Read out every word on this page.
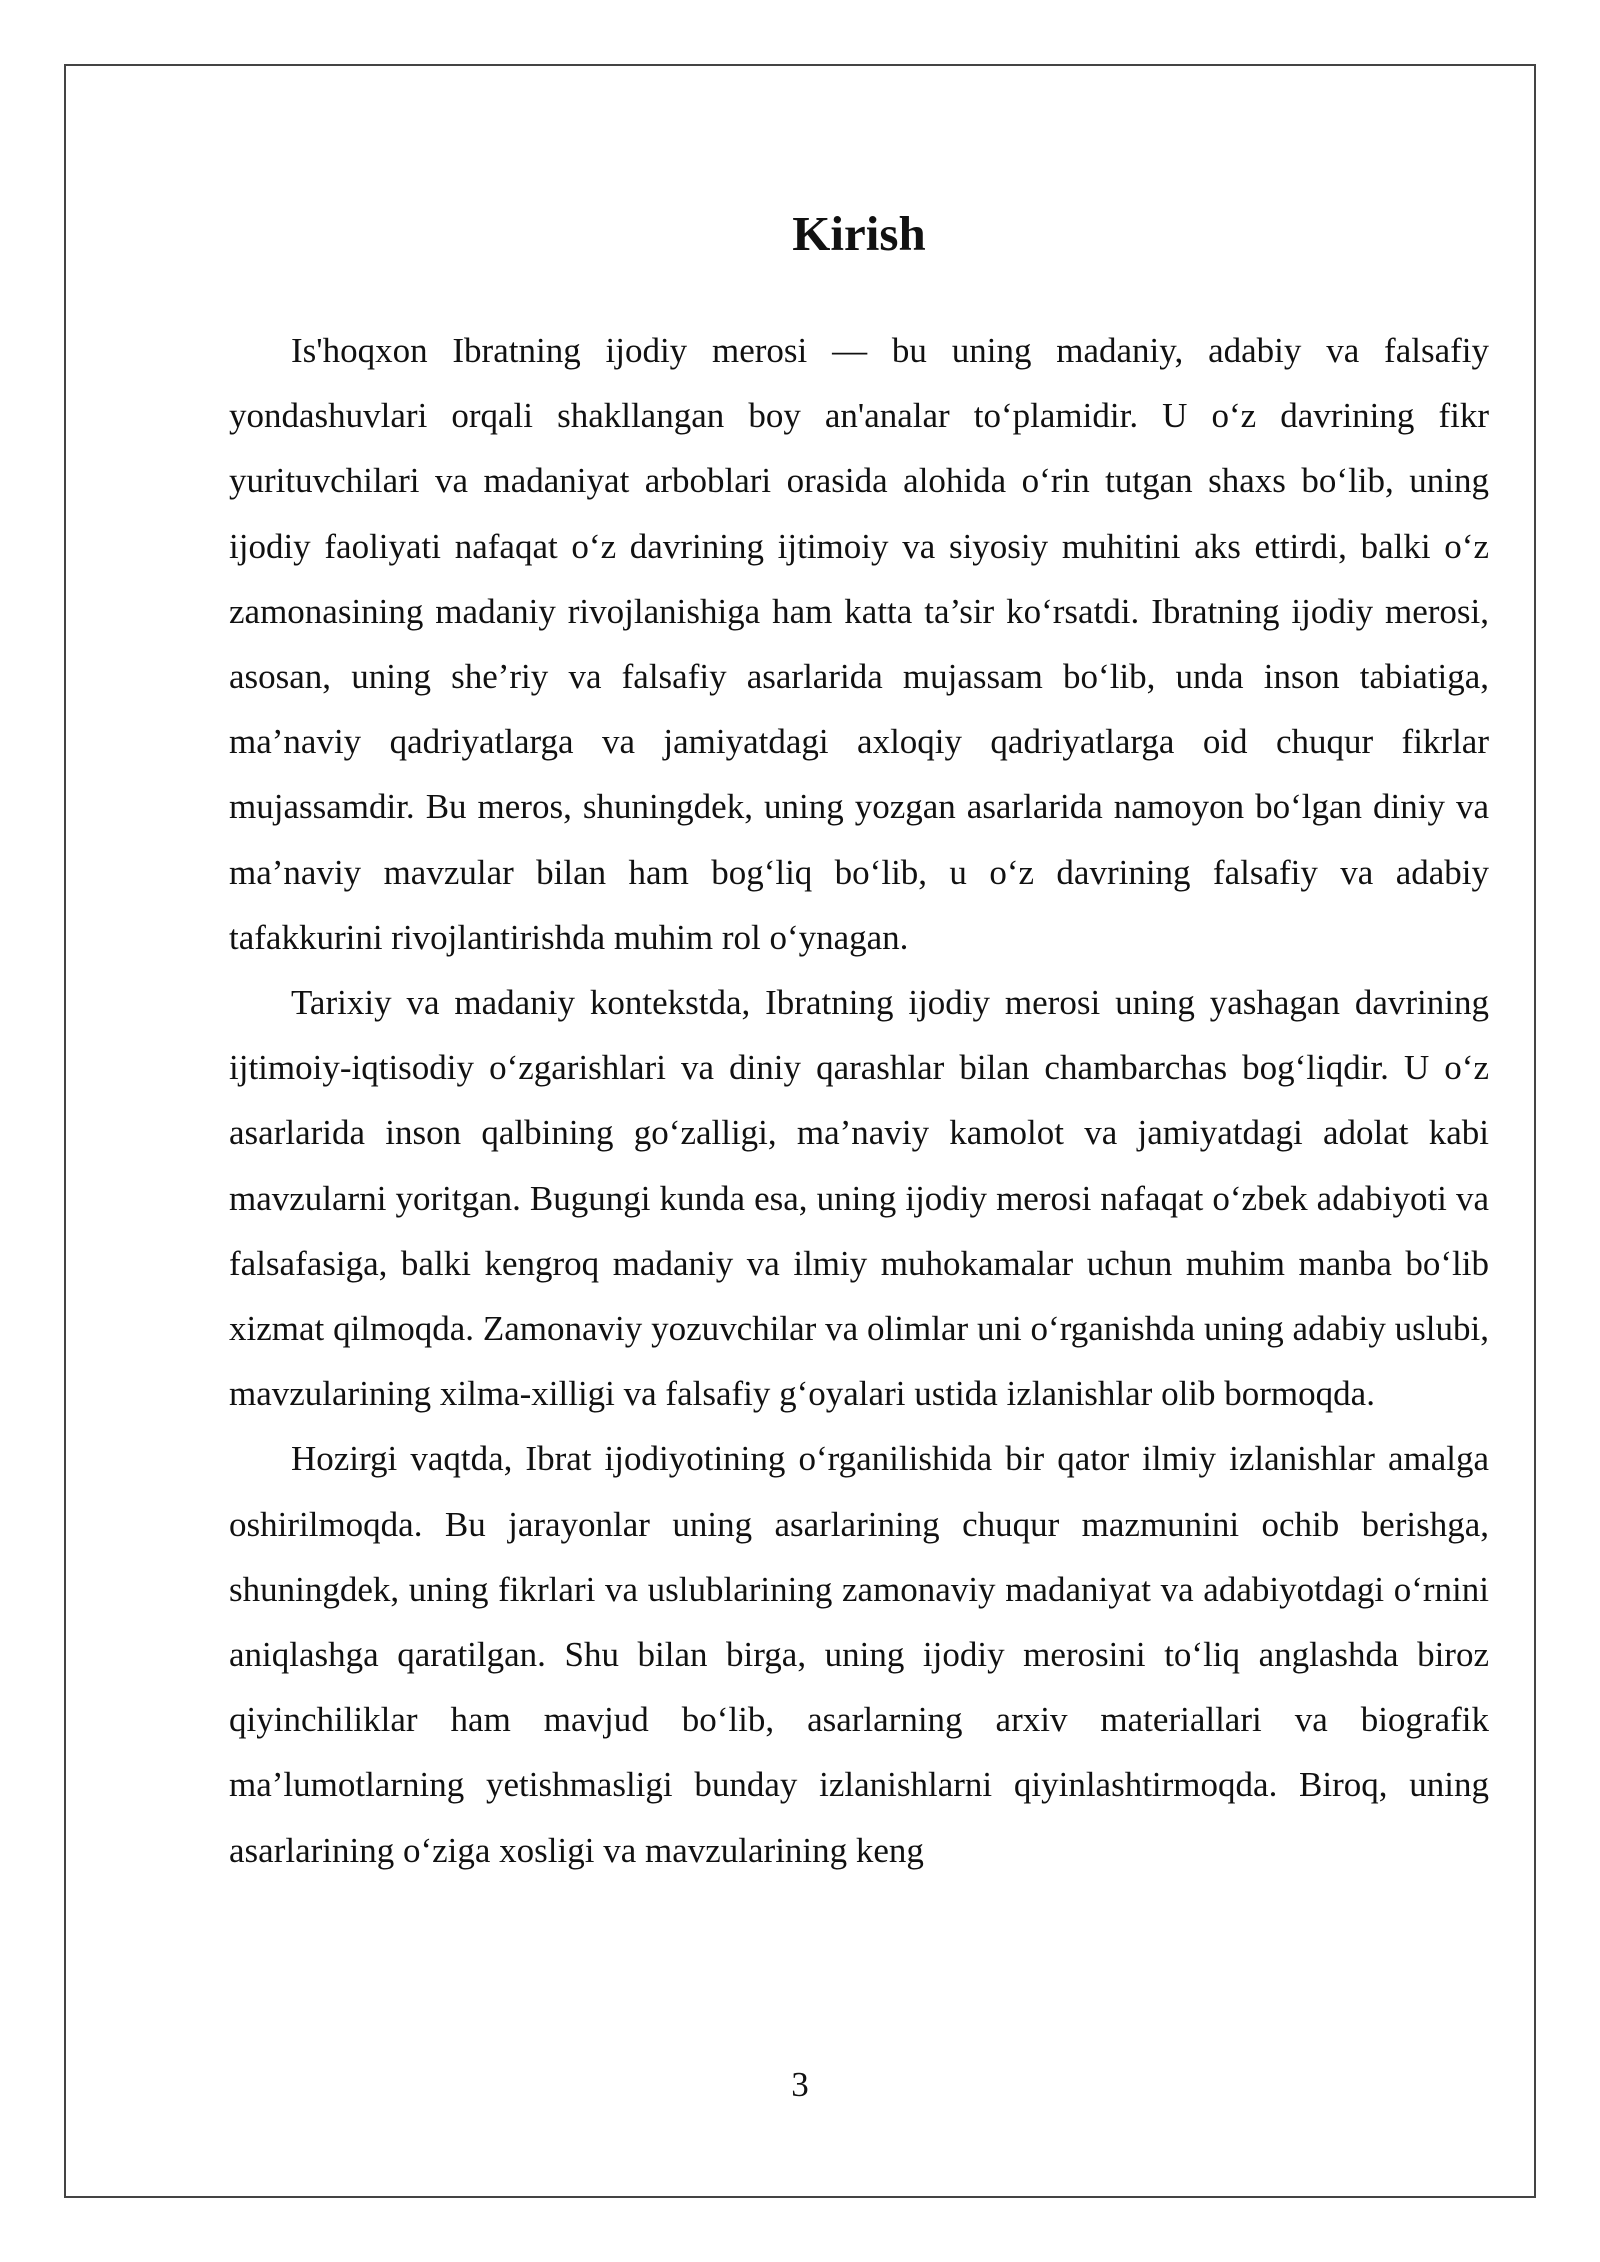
Kirish

Is'hoqxon Ibratning ijodiy merosi — bu uning madaniy, adabiy va falsafiy yondashuvlari orqali shakllangan boy an'analar to‘plamidir. U o‘z davrining fikr yurituvchilari va madaniyat arboblari orasida alohida o‘rin tutgan shaxs bo‘lib, uning ijodiy faoliyati nafaqat o‘z davrining ijtimoiy va siyosiy muhitini aks ettirdi, balki o‘z zamonasining madaniy rivojlanishiga ham katta ta’sir ko‘rsatdi. Ibratning ijodiy merosi, asosan, uning she’riy va falsafiy asarlarida mujassam bo‘lib, unda inson tabiatiga, ma’naviy qadriyatlarga va jamiyatdagi axloqiy qadriyatlarga oid chuqur fikrlar mujassamdir. Bu meros, shuningdek, uning yozgan asarlarida namoyon bo‘lgan diniy va ma’naviy mavzular bilan ham bog‘liq bo‘lib, u o‘z davrining falsafiy va adabiy tafakkurini rivojlantirishda muhim rol o‘ynagan.

Tarixiy va madaniy kontekstda, Ibratning ijodiy merosi uning yashagan davrining ijtimoiy-iqtisodiy o‘zgarishlari va diniy qarashlar bilan chambarchas bog‘liqdir. U o‘z asarlarida inson qalbining go‘zalligi, ma’naviy kamolot va jamiyatdagi adolat kabi mavzularni yoritgan. Bugungi kunda esa, uning ijodiy merosi nafaqat o‘zbek adabiyoti va falsafasiga, balki kengroq madaniy va ilmiy muhokamalar uchun muhim manba bo‘lib xizmat qilmoqda. Zamonaviy yozuvchilar va olimlar uni o‘rganishda uning adabiy uslubi, mavzularining xilma-xilligi va falsafiy g‘oyalari ustida izlanishlar olib bormoqda.

Hozirgi vaqtda, Ibrat ijodiyotining o‘rganilishida bir qator ilmiy izlanishlar amalga oshirilmoqda. Bu jarayonlar uning asarlarining chuqur mazmunini ochib berishga, shuningdek, uning fikrlari va uslublarining zamonaviy madaniyat va adabiyotdagi o‘rnini aniqlashga qaratilgan. Shu bilan birga, uning ijodiy merosini to‘liq anglashda biroz qiyinchiliklar ham mavjud bo‘lib, asarlarning arxiv materiallari va biografik ma’lumotlarning yetishmasligi bunday izlanishlarni qiyinlashtirmoqda. Biroq, uning asarlarining o‘ziga xosligi va mavzularining keng

3
